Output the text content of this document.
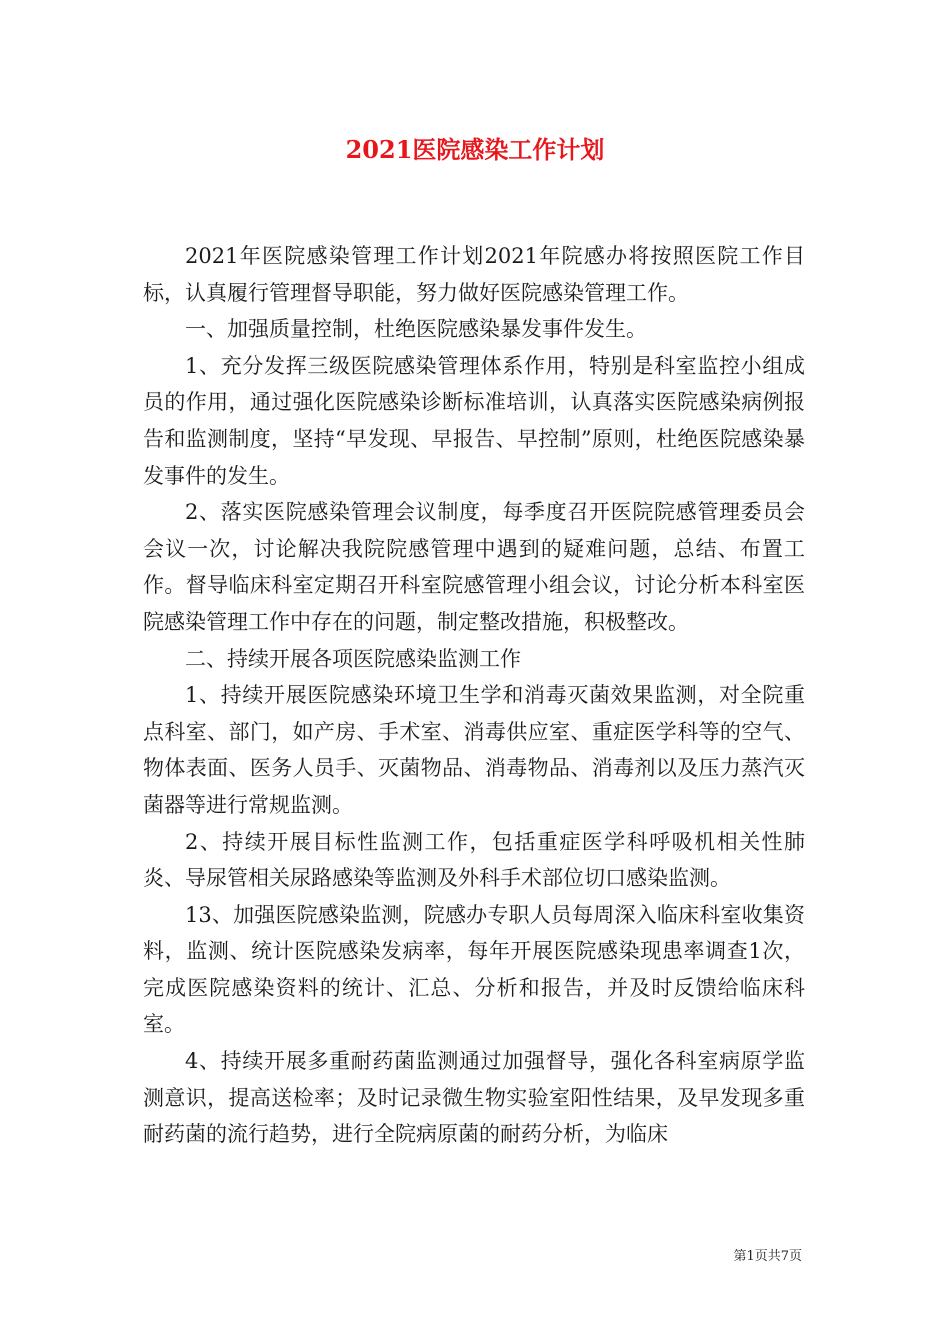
2021医院感染工作计划

2021年医院感染管理工作计划2021年院感办将按照医院工作目标，认真履行管理督导职能，努力做好医院感染管理工作。

一、加强质量控制，杜绝医院感染暴发事件发生。

1、充分发挥三级医院感染管理体系作用，特别是科室监控小组成员的作用，通过强化医院感染诊断标准培训，认真落实医院感染病例报告和监测制度，坚持“早发现、早报告、早控制”原则，杜绝医院感染暴发事件的发生。

2、落实医院感染管理会议制度，每季度召开医院院感管理委员会会议一次，讨论解决我院院感管理中遇到的疑难问题，总结、布置工作。督导临床科室定期召开科室院感管理小组会议，讨论分析本科室医院感染管理工作中存在的问题，制定整改措施，积极整改。

二、持续开展各项医院感染监测工作

1、持续开展医院感染环境卫生学和消毒灭菌效果监测，对全院重点科室、部门，如产房、手术室、消毒供应室、重症医学科等的空气、物体表面、医务人员手、灭菌物品、消毒物品、消毒剂以及压力蒸汽灭菌器等进行常规监测。

2、持续开展目标性监测工作，包括重症医学科呼吸机相关性肺炎、导尿管相关尿路感染等监测及外科手术部位切口感染监测。

13、加强医院感染监测，院感办专职人员每周深入临床科室收集资料，监测、统计医院感染发病率，每年开展医院感染现患率调查1次，完成医院感染资料的统计、汇总、分析和报告，并及时反馈给临床科室。

4、持续开展多重耐药菌监测通过加强督导，强化各科室病原学监测意识，提高送检率；及时记录微生物实验室阳性结果，及早发现多重耐药菌的流行趋势，进行全院病原菌的耐药分析，为临床

第1页共7页
